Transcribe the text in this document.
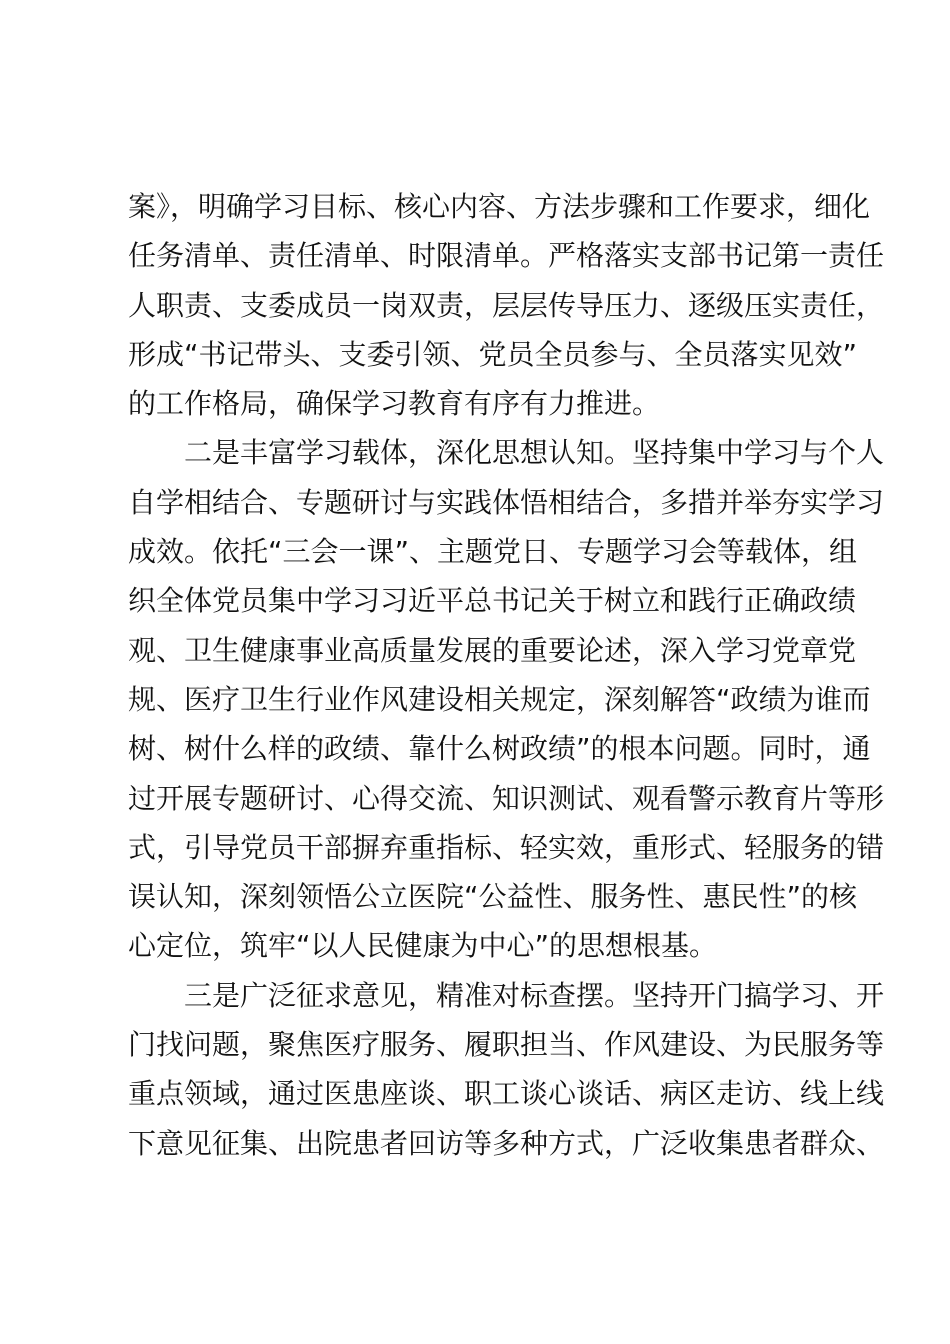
案》，明确学习目标、核心内容、方法步骤和工作要求，细化
任务清单、责任清单、时限清单。严格落实支部书记第一责任
人职责、支委成员一岗双责，层层传导压力、逐级压实责任，
形成“书记带头、支委引领、党员全员参与、全员落实见效”
的工作格局，确保学习教育有序有力推进。
二是丰富学习载体，深化思想认知。坚持集中学习与个人
自学相结合、专题研讨与实践体悟相结合，多措并举夯实学习
成效。依托“三会一课”、主题党日、专题学习会等载体，组
织全体党员集中学习习近平总书记关于树立和践行正确政绩
观、卫生健康事业高质量发展的重要论述，深入学习党章党
规、医疗卫生行业作风建设相关规定，深刻解答“政绩为谁而
树、树什么样的政绩、靠什么树政绩”的根本问题。同时，通
过开展专题研讨、心得交流、知识测试、观看警示教育片等形
式，引导党员干部摒弃重指标、轻实效，重形式、轻服务的错
误认知，深刻领悟公立医院“公益性、服务性、惠民性”的核
心定位，筑牢“以人民健康为中心”的思想根基。
三是广泛征求意见，精准对标查摆。坚持开门搞学习、开
门找问题，聚焦医疗服务、履职担当、作风建设、为民服务等
重点领域，通过医患座谈、职工谈心谈话、病区走访、线上线
下意见征集、出院患者回访等多种方式，广泛收集患者群众、
